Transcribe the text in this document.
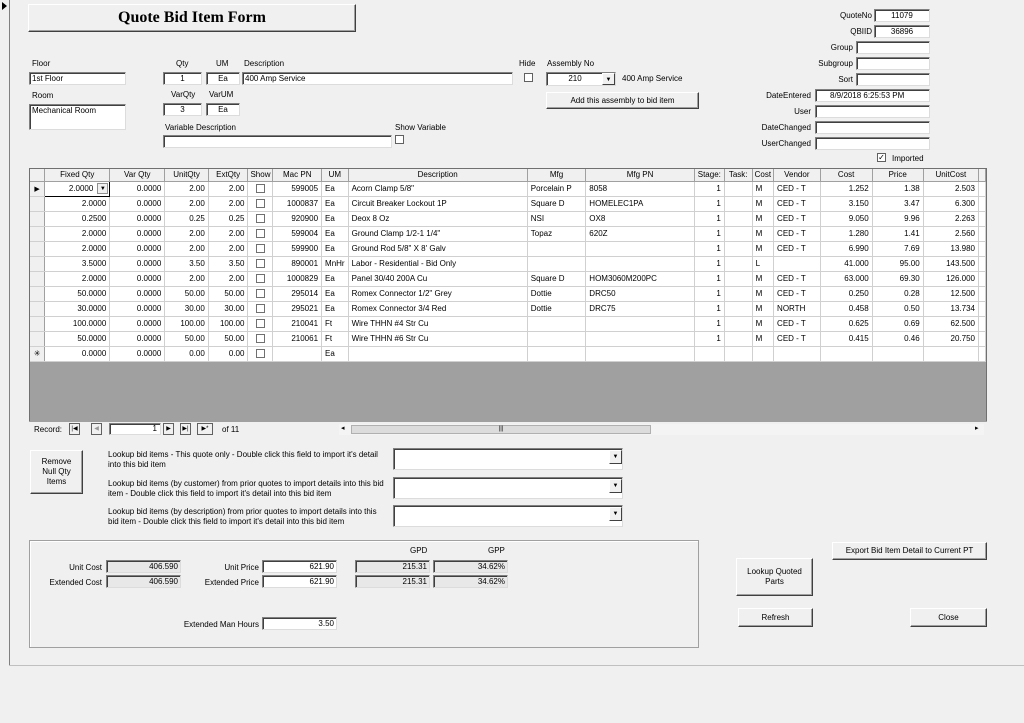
Quote Bid Item Form	QuoteNo	11079
QBIID	36896
Group
Subgroup
Sort
DateEntered	8/9/2018 6:25:53 PM
User
DateChanged
UserChanged
✓ Imported
Floor
1st Floor
Room
Mechanical Room
Qty
1
UM
Ea
Description
400 Amp Service
VarQty
3
VarUM
Ea
Variable Description	Show Variable
Hide Assembly No
210	▼	400 Amp Service
Add this assembly to bid item
	Fixed Qty	Var Qty	UnitQty	ExtQty	Show	Mac PN	UM	Description	Mfg	Mfg PN	Stage:	Task:	Cost	Vendor	Cost	Price	UnitCost	
▶	2.0000 ▼	0.0000	2.00	2.00		599005	Ea	Acorn Clamp 5/8"	Porcelain P	8058	1		M	CED - T	1.252	1.38	2.503	
	2.0000	0.0000	2.00	2.00		1000837	Ea	Circuit Breaker Lockout 1P	Square D	HOMELEC1PA	1		M	CED - T	3.150	3.47	6.300	
	0.2500	0.0000	0.25	0.25		920900	Ea	Deox 8 Oz	NSI	OX8	1		M	CED - T	9.050	9.96	2.263	
	2.0000	0.0000	2.00	2.00		599004	Ea	Ground Clamp 1/2-1 1/4"	Topaz	620Z	1		M	CED - T	1.280	1.41	2.560	
	2.0000	0.0000	2.00	2.00		599900	Ea	Ground Rod 5/8" X 8' Galv			1		M	CED - T	6.990	7.69	13.980	
	3.5000	0.0000	3.50	3.50		890001	MnHr	Labor - Residential - Bid Only			1		L		41.000	95.00	143.500	
	2.0000	0.0000	2.00	2.00		1000829	Ea	Panel 30/40 200A Cu	Square D	HOM3060M200PC	1		M	CED - T	63.000	69.30	126.000	
	50.0000	0.0000	50.00	50.00		295014	Ea	Romex Connector 1/2" Grey	Dottie	DRC50	1		M	CED - T	0.250	0.28	12.500	
	30.0000	0.0000	30.00	30.00		295021	Ea	Romex Connector 3/4 Red	Dottie	DRC75	1		M	NORTH	0.458	0.50	13.734	
	100.0000	0.0000	100.00	100.00		210041	Ft	Wire THHN #4 Str Cu			1		M	CED - T	0.625	0.69	62.500	
	50.0000	0.0000	50.00	50.00		210061	Ft	Wire THHN #6 Str Cu			1		M	CED - T	0.415	0.46	20.750	
✳	0.0000	0.0000	0.00	0.00			Ea											
Record:	|◀	◀	1	▶	▶|	▶*	of 11	◂	|||	▸
Remove Null Qty Items
Lookup bid items - This quote only - Double click this field to import it's detail into this bid item
▼
Lookup bid items (by customer) from prior quotes to import details into this bid item - Double click this field to import it's detail into this bid item
▼
Lookup bid items (by description) from prior quotes to import details into this bid item - Double click this field to import it's detail into this bid item
▼
GPD	GPP
Unit Cost	406.590
Extended Cost	406.590
Unit Price	621.90
Extended Price	621.90
215.31	34.62%
215.31	34.62%
Extended Man Hours	3.50
Export Bid Item Detail to Current PT
Lookup Quoted Parts
Refresh	Close
